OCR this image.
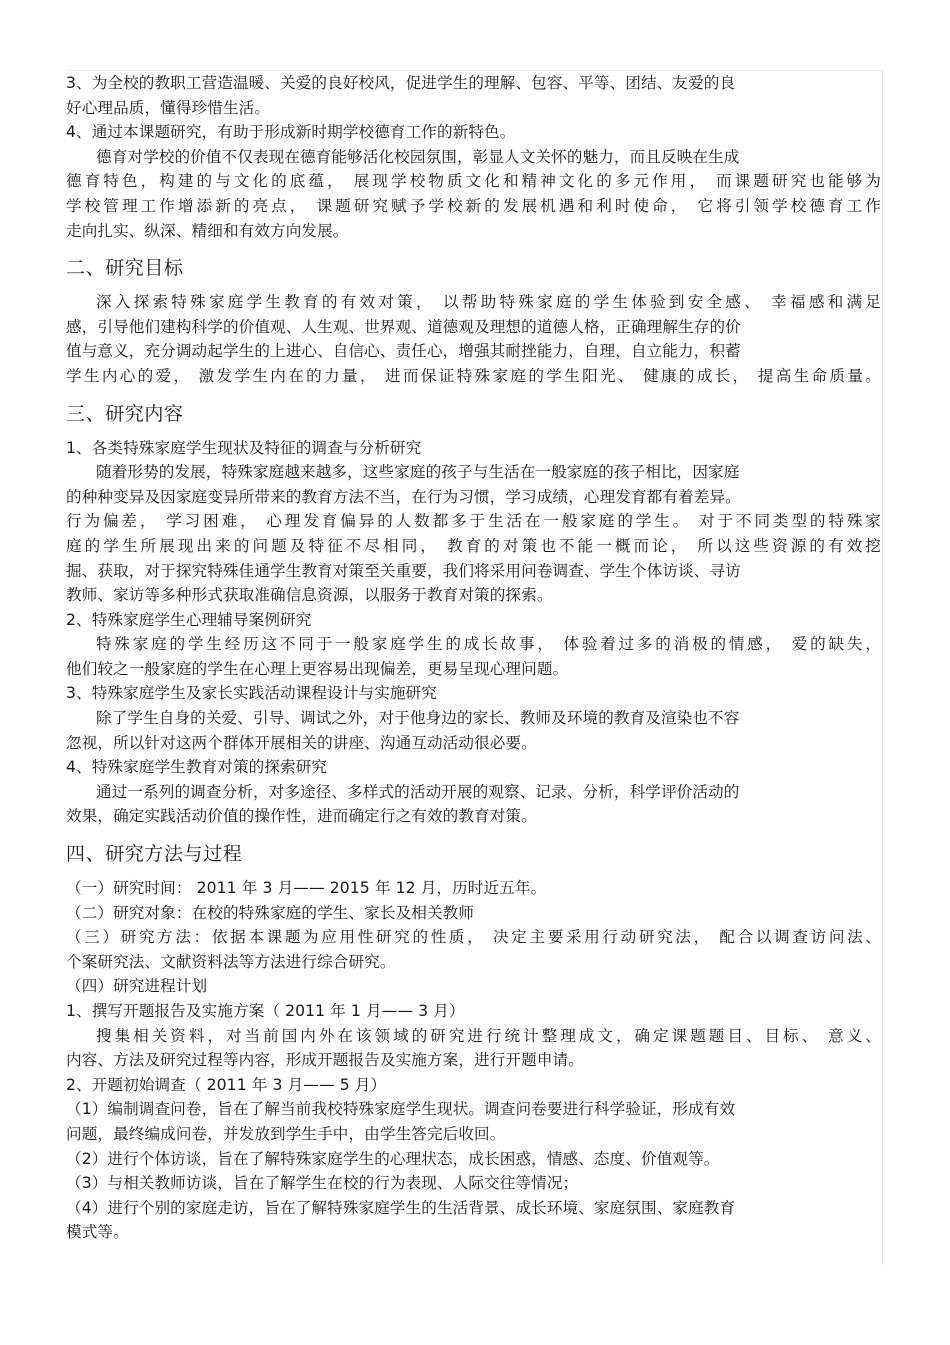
3、为全校的教职工营造温暖、关爱的良好校风，促进学生的理解、包容、平等、团结、友爱的良

好心理品质，懂得珍惜生活。

4、通过本课题研究，有助于形成新时期学校德育工作的新特色。

德育对学校的价值不仅表现在德育能够活化校园氛围，彰显人文关怀的魅力，而且反映在生成

德育特色，构建的与文化的底蕴， 展现学校物质文化和精神文化的多元作用， 而课题研究也能够为

学校管理工作增添新的亮点， 课题研究赋予学校新的发展机遇和利时使命， 它将引领学校德育工作

走向扎实、纵深、精细和有效方向发展。

二、研究目标

深入探索特殊家庭学生教育的有效对策， 以帮助特殊家庭的学生体验到安全感、 幸福感和满足

感，引导他们建构科学的价值观、人生观、世界观、道德观及理想的道德人格，正确理解生存的价

值与意义，充分调动起学生的上进心、自信心、责任心，增强其耐挫能力，自理，自立能力，积蓄

学生内心的爱， 激发学生内在的力量， 进而保证特殊家庭的学生阳光、 健康的成长， 提高生命质量。

三、研究内容

1、各类特殊家庭学生现状及特征的调查与分析研究

随着形势的发展，特殊家庭越来越多，这些家庭的孩子与生活在一般家庭的孩子相比，因家庭

的种种变异及因家庭变异所带来的教育方法不当，在行为习惯，学习成绩，心理发育都有着差异。

行为偏差， 学习困难， 心理发育偏异的人数都多于生活在一般家庭的学生。 对于不同类型的特殊家

庭的学生所展现出来的问题及特征不尽相同， 教育的对策也不能一概而论， 所以这些资源的有效挖

掘、获取，对于探究特殊佳通学生教育对策至关重要，我们将采用问卷调查、学生个体访谈、寻访

教师、家访等多种形式获取准确信息资源，以服务于教育对策的探索。

2、特殊家庭学生心理辅导案例研究

特殊家庭的学生经历这不同于一般家庭学生的成长故事， 体验着过多的消极的情感， 爱的缺失，

他们较之一般家庭的学生在心理上更容易出现偏差，更易呈现心理问题。

3、特殊家庭学生及家长实践活动课程设计与实施研究

除了学生自身的关爱、引导、调试之外，对于他身边的家长、教师及环境的教育及渲染也不容

忽视，所以针对这两个群体开展相关的讲座、沟通互动活动很必要。

4、特殊家庭学生教育对策的探索研究

通过一系列的调查分析，对多途径、多样式的活动开展的观察、记录、分析，科学评价活动的

效果，确定实践活动价值的操作性，进而确定行之有效的教育对策。

四、研究方法与过程

（一）研究时间： 2011 年 3 月—— 2015 年 12 月，历时近五年。

（二）研究对象：在校的特殊家庭的学生、家长及相关教师

（三）研究方法：依据本课题为应用性研究的性质， 决定主要采用行动研究法， 配合以调查访问法、

个案研究法、文献资料法等方法进行综合研究。

（四）研究进程计划

1、撰写开题报告及实施方案（ 2011 年 1 月—— 3 月）

搜集相关资料，对当前国内外在该领域的研究进行统计整理成文，确定课题题目、目标、 意义、

内容、方法及研究过程等内容，形成开题报告及实施方案，进行开题申请。

2、开题初始调查（ 2011 年 3 月—— 5 月）

（1）编制调查问卷，旨在了解当前我校特殊家庭学生现状。调查问卷要进行科学验证，形成有效

问题，最终编成问卷，并发放到学生手中，由学生答完后收回。

（2）进行个体访谈，旨在了解特殊家庭学生的心理状态，成长困惑，情感、态度、价值观等。

（3）与相关教师访谈，旨在了解学生在校的行为表现、人际交往等情况；

（4）进行个别的家庭走访，旨在了解特殊家庭学生的生活背景、成长环境、家庭氛围、家庭教育

模式等。
